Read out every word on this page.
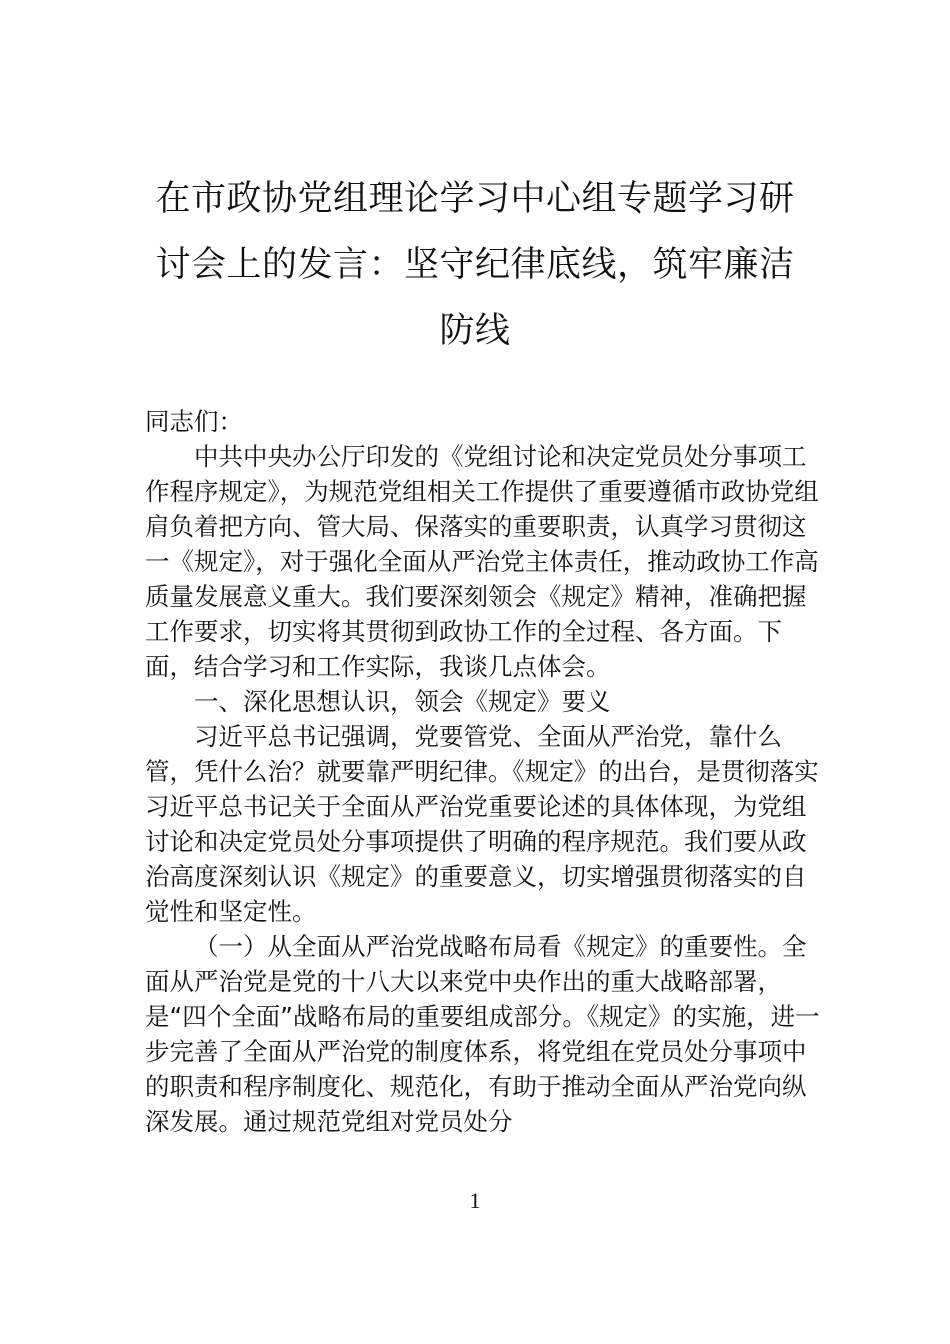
在市政协党组理论学习中心组专题学习研
讨会上的发言：坚守纪律底线，筑牢廉洁
防线

同志们：

中共中央办公厅印发的《党组讨论和决定党员处分事项工作程序规定》，为规范党组相关工作提供了重要遵循市政协党组肩负着把方向、管大局、保落实的重要职责，认真学习贯彻这一《规定》，对于强化全面从严治党主体责任，推动政协工作高质量发展意义重大。我们要深刻领会《规定》精神，准确把握工作要求，切实将其贯彻到政协工作的全过程、各方面。下面，结合学习和工作实际，我谈几点体会。

一、深化思想认识，领会《规定》要义

习近平总书记强调，党要管党、全面从严治党，靠什么管，凭什么治？就要靠严明纪律。《规定》的出台，是贯彻落实习近平总书记关于全面从严治党重要论述的具体体现，为党组讨论和决定党员处分事项提供了明确的程序规范。我们要从政治高度深刻认识《规定》的重要意义，切实增强贯彻落实的自觉性和坚定性。

（一）从全面从严治党战略布局看《规定》的重要性。全面从严治党是党的十八大以来党中央作出的重大战略部署，是“四个全面”战略布局的重要组成部分。《规定》的实施，进一步完善了全面从严治党的制度体系，将党组在党员处分事项中的职责和程序制度化、规范化，有助于推动全面从严治党向纵深发展。通过规范党组对党员处分

1
